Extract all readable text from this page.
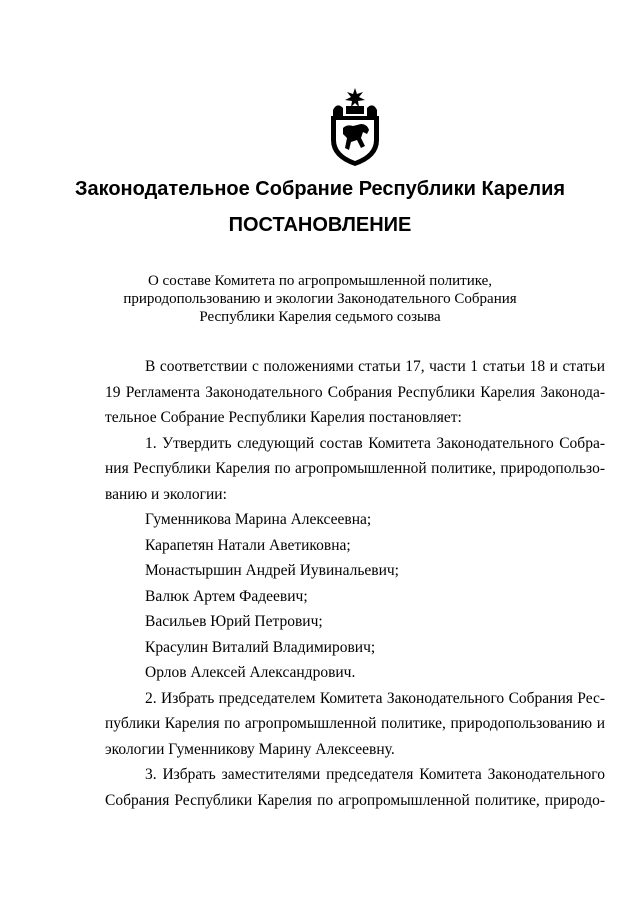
Законодательное Собрание Республики Карелия
ПОСТАНОВЛЕНИЕ
О составе Комитета по агропромышленной политике,
природопользованию и экологии Законодательного Собрания
Республики Карелия седьмого созыва

В соответствии с положениями статьи 17, части 1 статьи 18 и статьи
19 Регламента Законодательного Собрания Республики Карелия Законода-
тельное Собрание Республики Карелия постановляет:

1. Утвердить следующий состав Комитета Законодательного Собра-
ния Республики Карелия по агропромышленной политике, природопользо-
ванию и экологии:

Гуменникова Марина Алексеевна;
Карапетян Натали Аветиковна;
Монастыршин Андрей Иувинальевич;
Валюк Артем Фадеевич;
Васильев Юрий Петрович;
Красулин Виталий Владимирович;
Орлов Алексей Александрович.

2. Избрать председателем Комитета Законодательного Собрания Рес-
публики Карелия по агропромышленной политике, природопользованию и
экологии Гуменникову Марину Алексеевну.

3. Избрать заместителями председателя Комитета Законодательного
Собрания Республики Карелия по агропромышленной политике, природо-
